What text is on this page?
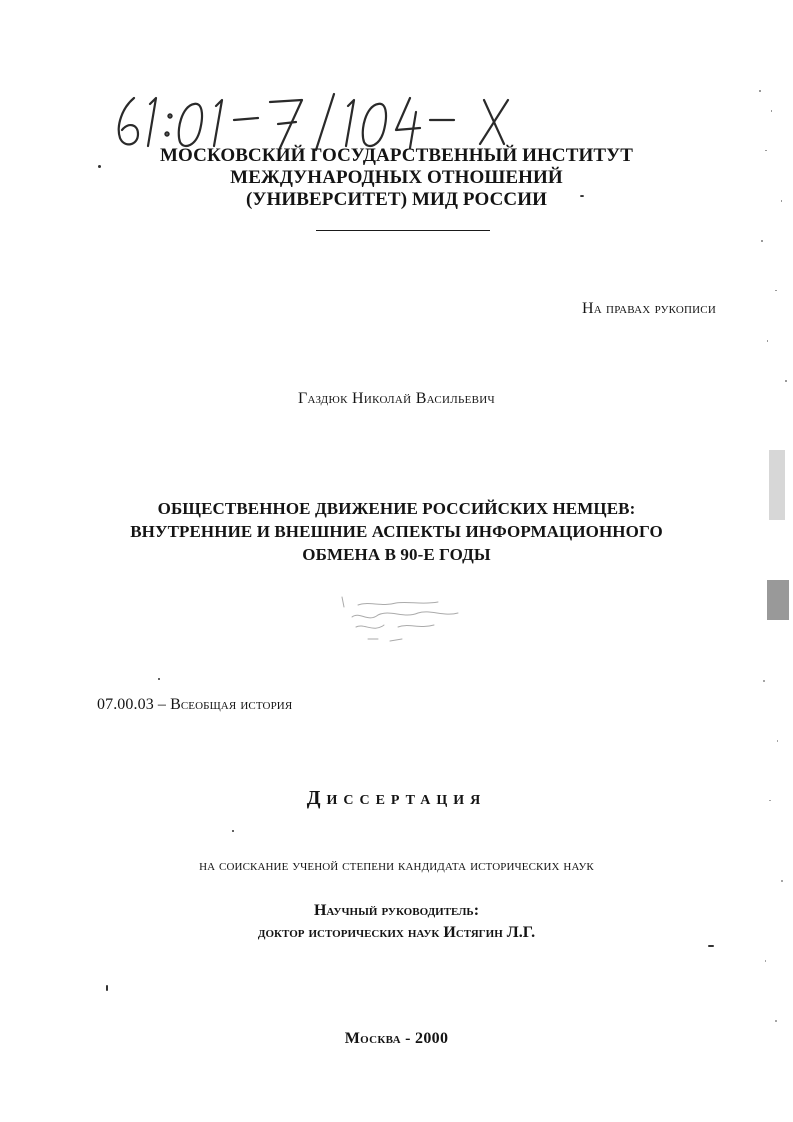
МОСКОВСКИЙ ГОСУДАРСТВЕННЫЙ ИНСТИТУТ
МЕЖДУНАРОДНЫХ ОТНОШЕНИЙ
(УНИВЕРСИТЕТ) МИД РОССИИ
На правах рукописи
Газдюк Николай Васильевич
ОБЩЕСТВЕННОЕ ДВИЖЕНИЕ РОССИЙСКИХ НЕМЦЕВ:
ВНУТРЕННИЕ И ВНЕШНИЕ АСПЕКТЫ ИНФОРМАЦИОННОГО
ОБМЕНА В 90-Е ГОДЫ
07.00.03 – Всеобщая история
Диссертация
на соискание ученой степени кандидата исторических наук
Научный руководитель:
доктор исторических наук Истягин Л.Г.
Москва - 2000
